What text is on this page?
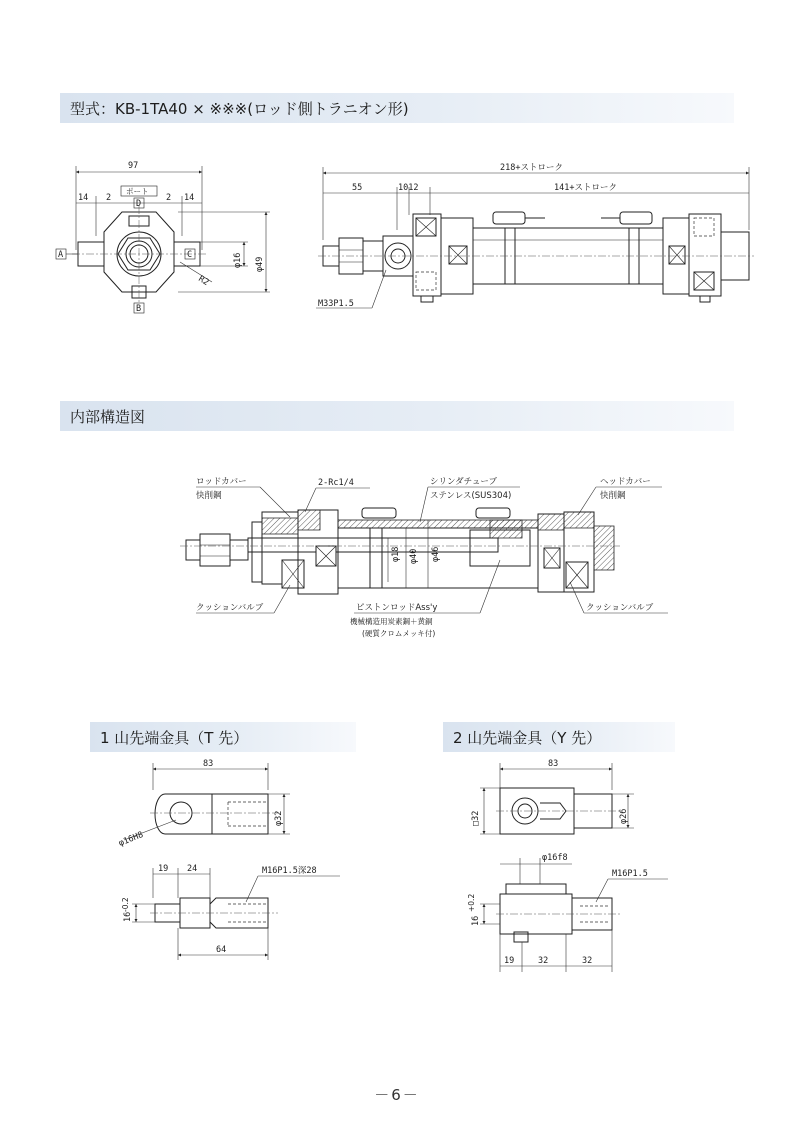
型式：KB-1TA40 × ※※※(ロッド側トラニオン形)
内部構造図
1 山先端金具（T 先）	2 山先端金具（Y 先）
97
14 2	2 14
ポート
D
A
B
C
R2
φ16 φ49
218+ストローク
55	1012	141+ストローク
M33P1.5
ロッドカバー
快削鋼
2-Rc1/4	シリンダチューブ
ステンレス(SUS304)
ヘッドカバー
快削鋼
φ18 φ40 φ46
クッションバルブ	ピストンロッドAss'y
機械構造用炭素鋼＋黄銅
(硬質クロムメッキ付)
クッションバルブ
83
φ32
φ16H8
19 24	M16P1.5深28
16
-0.2
64
83
□32	φ26
φ16f8
M16P1.5
16
+0.2
19	32	32
－6－
